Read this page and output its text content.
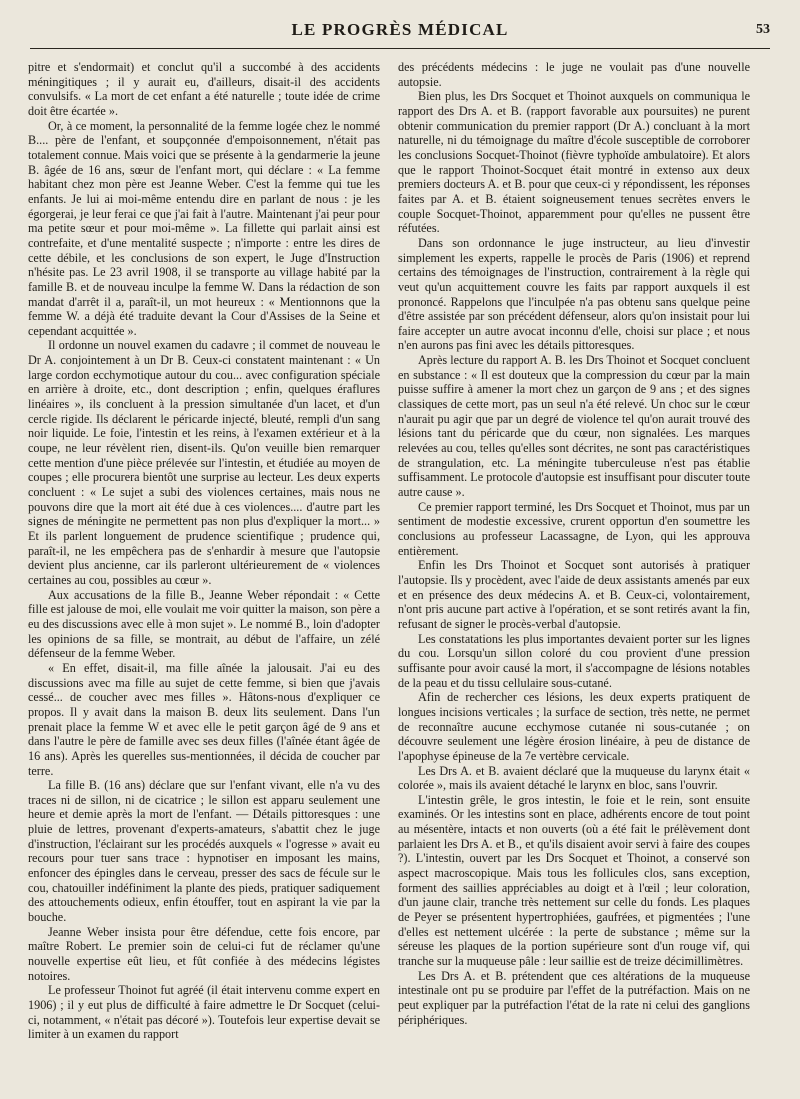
LE PROGRÈS MÉDICAL	53

pitre et s'endormait) et conclut qu'il a succombé à des accidents méningitiques ; il y aurait eu, d'ailleurs, disait-il des accidents convulsifs. « La mort de cet enfant a été naturelle ; toute idée de crime doit être écartée ».

Or, à ce moment, la personnalité de la femme logée chez le nommé B.... père de l'enfant, et soupçonnée d'empoisonnement, n'était pas totalement connue. Mais voici que se présente à la gendarmerie la jeune B. âgée de 16 ans, sœur de l'enfant mort, qui déclare : « La femme habitant chez mon père est Jeanne Weber. C'est la femme qui tue les enfants. Je lui ai moi-même entendu dire en parlant de nous : je les égorgerai, je leur ferai ce que j'ai fait à l'autre. Maintenant j'ai peur pour ma petite sœur et pour moi-même ». La fillette qui parlait ainsi est contrefaite, et d'une mentalité suspecte ; n'importe : entre les dires de cette débile, et les conclusions de son expert, le Juge d'Instruction n'hésite pas. Le 23 avril 1908, il se transporte au village habité par la famille B. et de nouveau inculpe la femme W. Dans la rédaction de son mandat d'arrêt il a, paraît-il, un mot heureux : « Mentionnons que la femme W. a déjà été traduite devant la Cour d'Assises de la Seine et cependant acquittée ».

Il ordonne un nouvel examen du cadavre ; il commet de nouveau le Dr A. conjointement à un Dr B. Ceux-ci constatent maintenant : « Un large cordon ecchymotique autour du cou... avec configuration spéciale en arrière à droite, etc., dont description ; enfin, quelques éraflures linéaires », ils concluent à la pression simultanée d'un lacet, et d'un cercle rigide. Ils déclarent le péricarde injecté, bleuté, rempli d'un sang noir liquide. Le foie, l'intestin et les reins, à l'examen extérieur et à la coupe, ne leur révèlent rien, disent-ils. Qu'on veuille bien remarquer cette mention d'une pièce prélevée sur l'intestin, et étudiée au moyen de coupes ; elle procurera bientôt une surprise au lecteur. Les deux experts concluent : « Le sujet a subi des violences certaines, mais nous ne pouvons dire que la mort ait été due à ces violences.... d'autre part les signes de méningite ne permettent pas non plus d'expliquer la mort... » Et ils parlent longuement de prudence scientifique ; prudence qui, paraît-il, ne les empêchera pas de s'enhardir à mesure que l'autopsie devient plus ancienne, car ils parleront ultérieurement de « violences certaines au cou, possibles au cœur ».

Aux accusations de la fille B., Jeanne Weber répondait : « Cette fille est jalouse de moi, elle voulait me voir quitter la maison, son père a eu des discussions avec elle à mon sujet ». Le nommé B., loin d'adopter les opinions de sa fille, se montrait, au début de l'affaire, un zélé défenseur de la femme Weber.

« En effet, disait-il, ma fille aînée la jalousait. J'ai eu des discussions avec ma fille au sujet de cette femme, si bien que j'avais cessé... de coucher avec mes filles ». Hâtons-nous d'expliquer ce propos. Il y avait dans la maison B. deux lits seulement. Dans l'un prenait place la femme W et avec elle le petit garçon âgé de 9 ans et dans l'autre le père de famille avec ses deux filles (l'aînée étant âgée de 16 ans). Après les querelles sus-mentionnées, il décida de coucher par terre.

La fille B. (16 ans) déclare que sur l'enfant vivant, elle n'a vu des traces ni de sillon, ni de cicatrice ; le sillon est apparu seulement une heure et demie après la mort de l'enfant. — Détails pittoresques : une pluie de lettres, provenant d'experts-amateurs, s'abattit chez le juge d'instruction, l'éclairant sur les procédés auxquels « l'ogresse » avait eu recours pour tuer sans trace : hypnotiser en imposant les mains, enfoncer des épingles dans le cerveau, presser des sacs de fécule sur le cou, chatouiller indéfiniment la plante des pieds, pratiquer sadiquement des attouchements odieux, enfin étouffer, tout en aspirant la vie par la bouche.

Jeanne Weber insista pour être défendue, cette fois encore, par maître Robert. Le premier soin de celui-ci fut de réclamer qu'une nouvelle expertise eût lieu, et fût confiée à des médecins légistes notoires.

Le professeur Thoinot fut agréé (il était intervenu comme expert en 1906) ; il y eut plus de difficulté à faire admettre le Dr Socquet (celui-ci, notamment, « n'était pas décoré »). Toutefois leur expertise devait se limiter à un examen du rapport

des précédents médecins : le juge ne voulait pas d'une nouvelle autopsie.

Bien plus, les Drs Socquet et Thoinot auxquels on communiqua le rapport des Drs A. et B. (rapport favorable aux poursuites) ne purent obtenir communication du premier rapport (Dr A.) concluant à la mort naturelle, ni du témoignage du maître d'école susceptible de corroborer les conclusions Socquet-Thoinot (fièvre typhoïde ambulatoire). Et alors que le rapport Thoinot-Socquet était montré in extenso aux deux premiers docteurs A. et B. pour que ceux-ci y répondissent, les réponses faites par A. et B. étaient soigneusement tenues secrètes envers le couple Socquet-Thoinot, apparemment pour qu'elles ne pussent être réfutées.

Dans son ordonnance le juge instructeur, au lieu d'investir simplement les experts, rappelle le procès de Paris (1906) et reprend certains des témoignages de l'instruction, contrairement à la règle qui veut qu'un acquittement couvre les faits par rapport auxquels il est prononcé. Rappelons que l'inculpée n'a pas obtenu sans quelque peine d'être assistée par son précédent défenseur, alors qu'on insistait pour lui faire accepter un autre avocat inconnu d'elle, choisi sur place ; et nous n'en aurons pas fini avec les détails pittoresques.

Après lecture du rapport A. B. les Drs Thoinot et Socquet concluent en substance : « Il est douteux que la compression du cœur par la main puisse suffire à amener la mort chez un garçon de 9 ans ; et des signes classiques de cette mort, pas un seul n'a été relevé. Un choc sur le cœur n'aurait pu agir que par un degré de violence tel qu'on aurait trouvé des lésions tant du péricarde que du cœur, non signalées. Les marques relevées au cou, telles qu'elles sont décrites, ne sont pas caractéristiques de strangulation, etc. La méningite tuberculeuse n'est pas établie suffisamment. Le protocole d'autopsie est insuffisant pour discuter toute autre cause ».

Ce premier rapport terminé, les Drs Socquet et Thoinot, mus par un sentiment de modestie excessive, crurent opportun d'en soumettre les conclusions au professeur Lacassagne, de Lyon, qui les approuva entièrement.

Enfin les Drs Thoinot et Socquet sont autorisés à pratiquer l'autopsie. Ils y procèdent, avec l'aide de deux assistants amenés par eux et en présence des deux médecins A. et B. Ceux-ci, volontairement, n'ont pris aucune part active à l'opération, et se sont retirés avant la fin, refusant de signer le procès-verbal d'autopsie.

Les constatations les plus importantes devaient porter sur les lignes du cou. Lorsqu'un sillon coloré du cou provient d'une pression suffisante pour avoir causé la mort, il s'accompagne de lésions notables de la peau et du tissu cellulaire sous-cutané.

Afin de rechercher ces lésions, les deux experts pratiquent de longues incisions verticales ; la surface de section, très nette, ne permet de reconnaître aucune ecchymose cutanée ni sous-cutanée ; on découvre seulement une légère érosion linéaire, à peu de distance de l'apophyse épineuse de la 7e vertèbre cervicale.

Les Drs A. et B. avaient déclaré que la muqueuse du larynx était « colorée », mais ils avaient détaché le larynx en bloc, sans l'ouvrir.

L'intestin grêle, le gros intestin, le foie et le rein, sont ensuite examinés. Or les intestins sont en place, adhérents encore de tout point au mésentère, intacts et non ouverts (où a été fait le prélèvement dont parlaient les Drs A. et B., et qu'ils disaient avoir servi à faire des coupes ?). L'intestin, ouvert par les Drs Socquet et Thoinot, a conservé son aspect macroscopique. Mais tous les follicules clos, sans exception, forment des saillies appréciables au doigt et à l'œil ; leur coloration, d'un jaune clair, tranche très nettement sur celle du fonds. Les plaques de Peyer se présentent hypertrophiées, gaufrées, et pigmentées ; l'une d'elles est nettement ulcérée : la perte de substance ; même sur la séreuse les plaques de la portion supérieure sont d'un rouge vif, qui tranche sur la muqueuse pâle : leur saillie est de treize décimillimètres.

Les Drs A. et B. prétendent que ces altérations de la muqueuse intestinale ont pu se produire par l'effet de la putréfaction. Mais on ne peut expliquer par la putréfaction l'état de la rate ni celui des ganglions périphériques.
